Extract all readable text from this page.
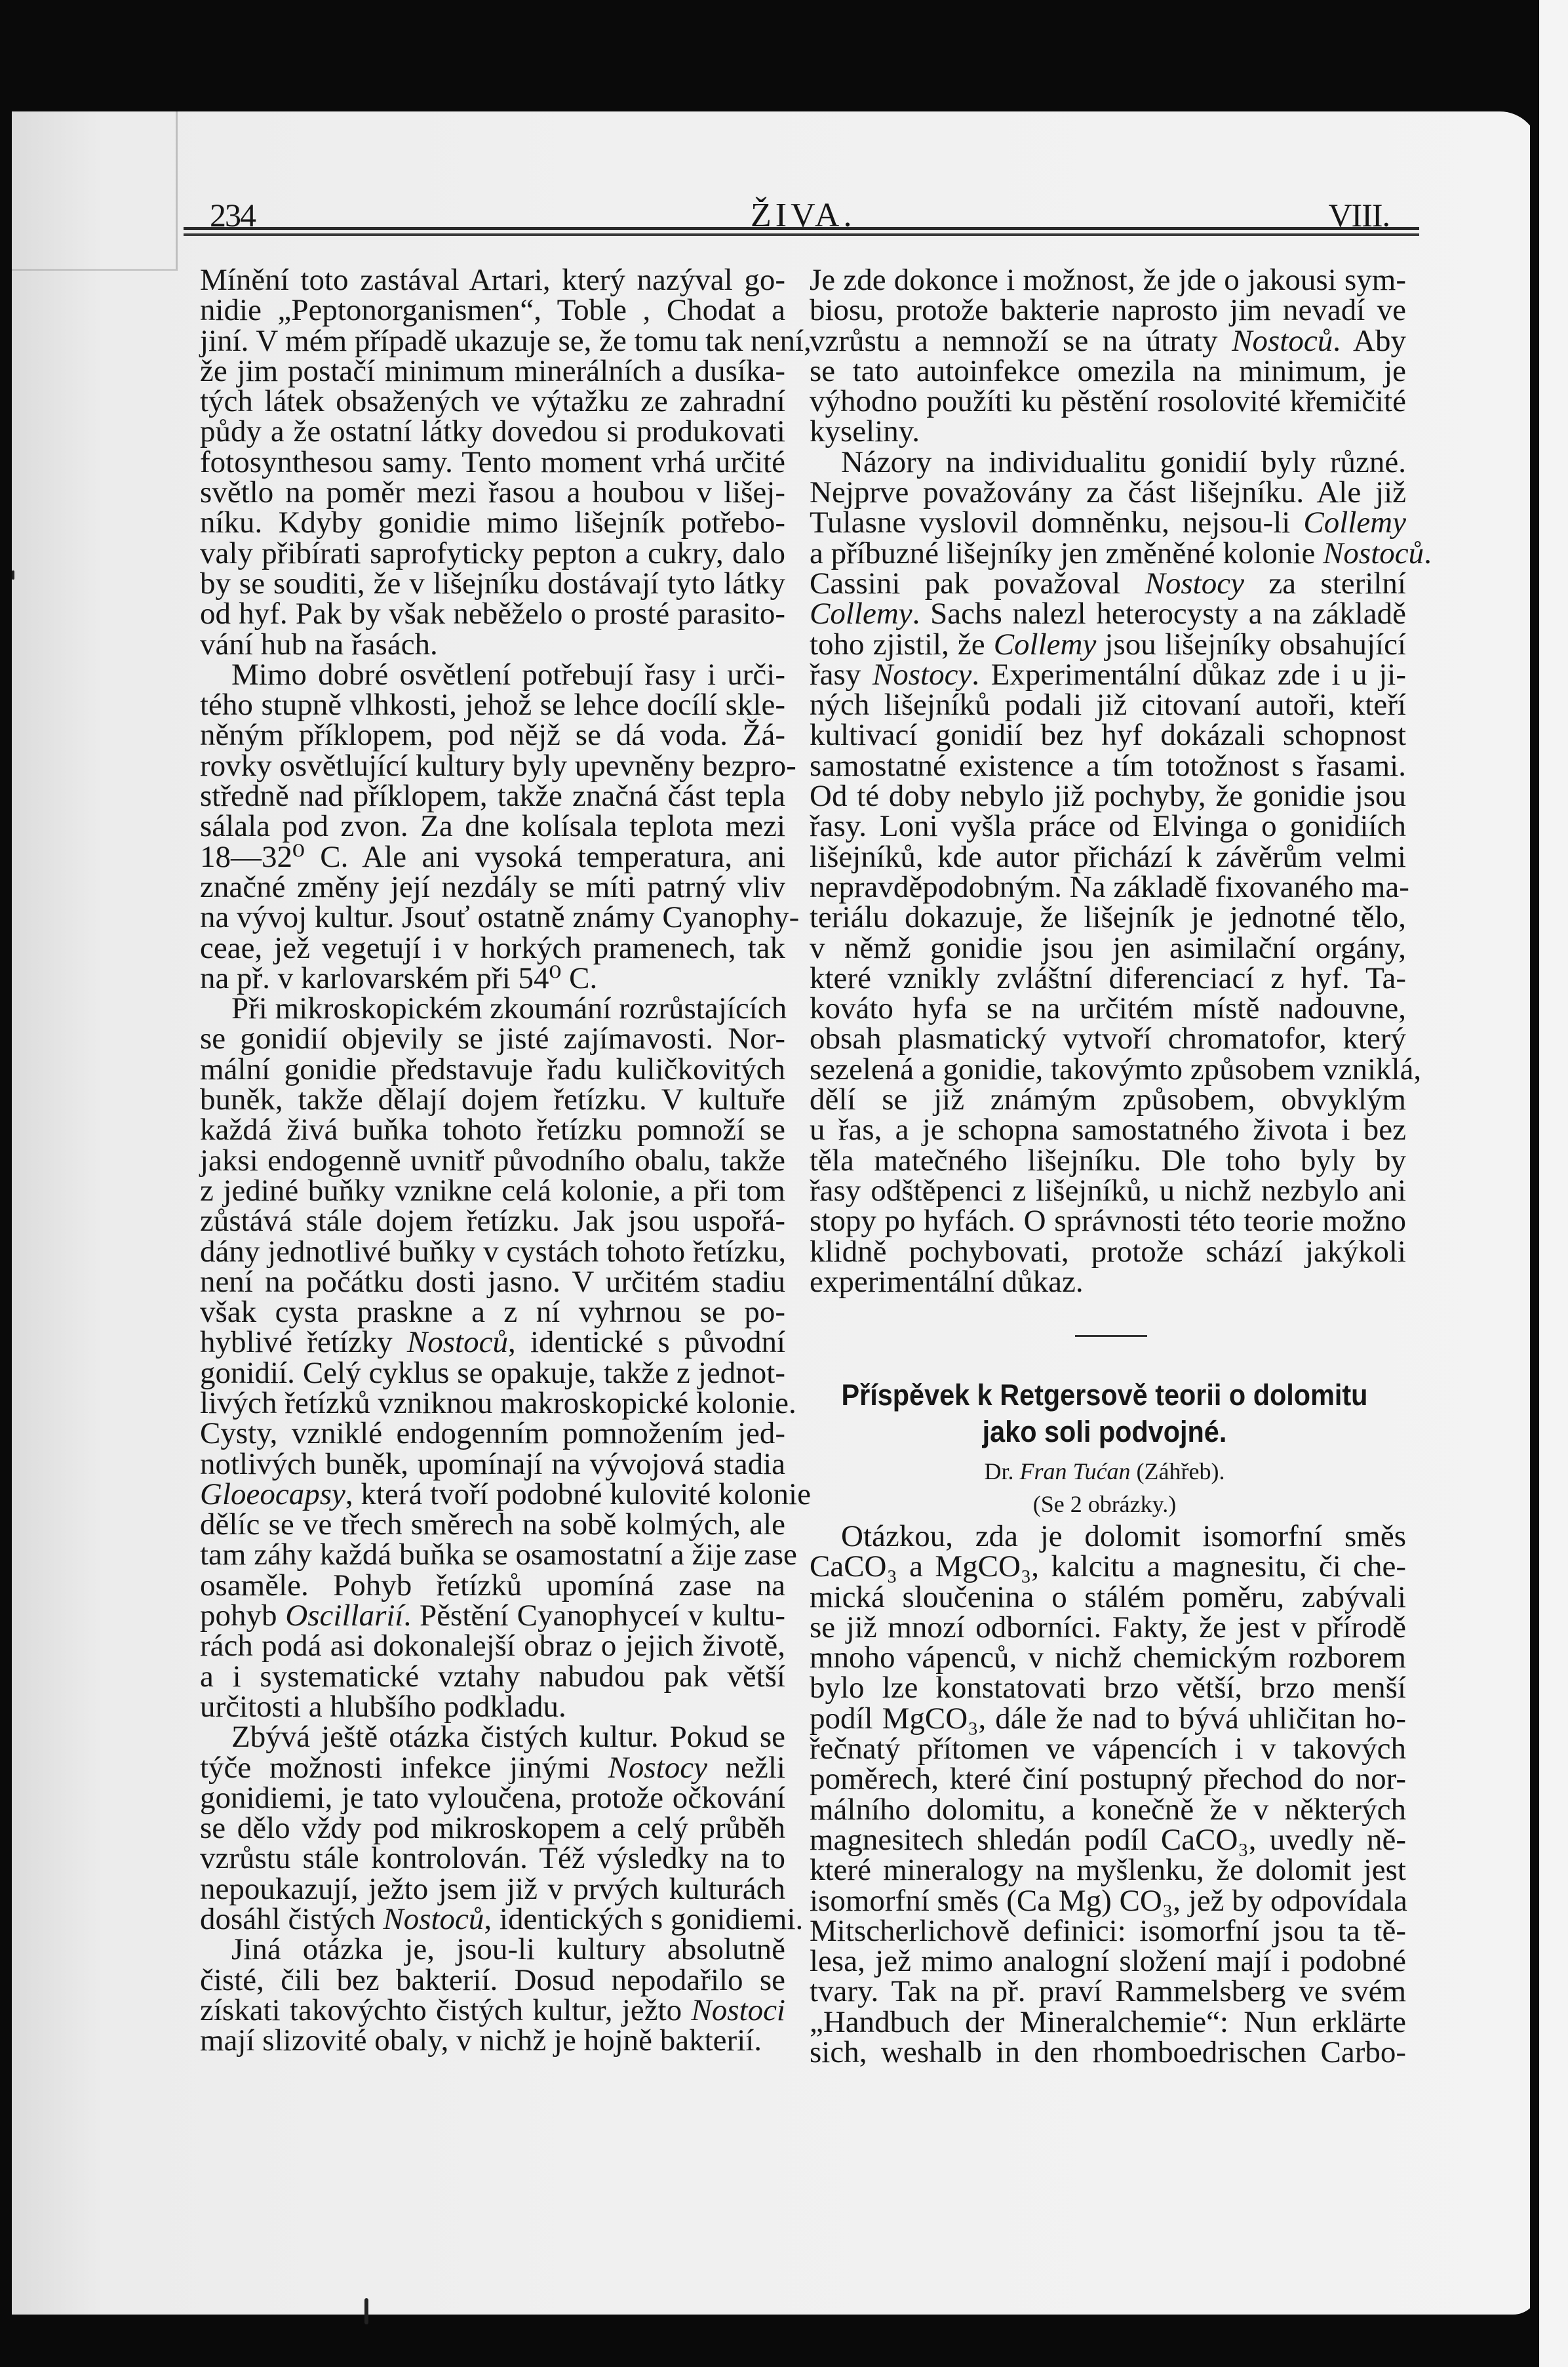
234	ŽIVA.	VIII.
Mínění toto zastával Artari, který nazýval go-
nidie „Peptonorganismen“, Toble , Chodat a
jiní. V mém případě ukazuje se, že tomu tak není,
že jim postačí minimum minerálních a dusíka-
tých látek obsažených ve výtažku ze zahradní
půdy a že ostatní látky dovedou si produkovati
fotosynthesou samy. Tento moment vrhá určité
světlo na poměr mezi řasou a houbou v lišej-
níku. Kdyby gonidie mimo lišejník potřebo-
valy přibírati saprofyticky pepton a cukry, dalo
by se souditi, že v lišejníku dostávají tyto látky
od hyf. Pak by však neběželo o prosté parasito-
vání hub na řasách.
Mimo dobré osvětlení potřebují řasy i urči-
tého stupně vlhkosti, jehož se lehce docílí skle-
něným příklopem, pod nějž se dá voda. Žá-
rovky osvětlující kultury byly upevněny bezpro-
středně nad příklopem, takže značná část tepla
sálala pod zvon. Za dne kolísala teplota mezi
18—32⁰ C. Ale ani vysoká temperatura, ani
značné změny její nezdály se míti patrný vliv
na vývoj kultur. Jsouť ostatně známy Cyanophy-
ceae, jež vegetují i v horkých pramenech, tak
na př. v karlovarském při 54⁰ C.
Při mikroskopickém zkoumání rozrůstajících
se gonidií objevily se jisté zajímavosti. Nor-
mální gonidie představuje řadu kuličkovitých
buněk, takže dělají dojem řetízku. V kultuře
každá živá buňka tohoto řetízku pomnoží se
jaksi endogenně uvnitř původního obalu, takže
z jediné buňky vznikne celá kolonie, a při tom
zůstává stále dojem řetízku. Jak jsou uspořá-
dány jednotlivé buňky v cystách tohoto řetízku,
není na počátku dosti jasno. V určitém stadiu
však cysta praskne a z ní vyhrnou se po-
hyblivé řetízky Nostoců, identické s původní
gonidií. Celý cyklus se opakuje, takže z jednot-
livých řetízků vzniknou makroskopické kolonie.
Cysty, vzniklé endogenním pomnožením jed-
notlivých buněk, upomínají na vývojová stadia
Gloeocapsy, která tvoří podobné kulovité kolonie
dělíc se ve třech směrech na sobě kolmých, ale
tam záhy každá buňka se osamostatní a žije zase
osaměle. Pohyb řetízků upomíná zase na
pohyb Oscillarií. Pěstění Cyanophyceí v kultu-
rách podá asi dokonalejší obraz o jejich životě,
a i systematické vztahy nabudou pak větší
určitosti a hlubšího podkladu.
Zbývá ještě otázka čistých kultur. Pokud se
týče možnosti infekce jinými Nostocy nežli
gonidiemi, je tato vyloučena, protože očkování
se dělo vždy pod mikroskopem a celý průběh
vzrůstu stále kontrolován. Též výsledky na to
nepoukazují, ježto jsem již v prvých kulturách
dosáhl čistých Nostoců, identických s gonidiemi.
Jiná otázka je, jsou-li kultury absolutně
čisté, čili bez bakterií. Dosud nepodařilo se
získati takovýchto čistých kultur, ježto Nostoci
mají slizovité obaly, v nichž je hojně bakterií.
Je zde dokonce i možnost, že jde o jakousi sym-
biosu, protože bakterie naprosto jim nevadí ve
vzrůstu a nemnoží se na útraty Nostoců. Aby
se tato autoinfekce omezila na minimum, je
výhodno použíti ku pěstění rosolovité křemičité
kyseliny.
Názory na individualitu gonidií byly různé.
Nejprve považovány za část lišejníku. Ale již
Tulasne vyslovil domněnku, nejsou-li Collemy
a příbuzné lišejníky jen změněné kolonie Nostoců
Cassini pak považoval Nostocy za sterilní
Collemy. Sachs nalezl heterocysty a na základě
toho zjistil, že Collemy jsou lišejníky obsahující
řasy Nostocy. Experimentální důkaz zde i u ji-
ných lišejníků podali již citovaní autoři, kteří
kultivací gonidií bez hyf dokázali schopnost
samostatné existence a tím totožnost s řasami.
Od té doby nebylo již pochyby, že gonidie jsou
řasy. Loni vyšla práce od Elvinga o gonidiích
lišejníků, kde autor přichází k závěrům velmi
nepravděpodobným. Na základě fixovaného ma-
teriálu dokazuje, že lišejník je jednotné tělo,
v němž gonidie jsou jen asimilační orgány,
které vznikly zvláštní diferenciací z hyf. Ta-
kováto hyfa se na určitém místě nadouvne,
obsah plasmatický vytvoří chromatofor, který
sezelená a gonidie, takovýmto způsobem vzniklá,
dělí se již známým způsobem, obvyklým
u řas, a je schopna samostatného života i bez
těla matečného lišejníku. Dle toho byly by
řasy odštěpenci z lišejníků, u nichž nezbylo ani
stopy po hyfách. O správnosti této teorie možno
klidně pochybovati, protože schází jakýkoli
experimentální důkaz.
Příspěvek k Retgersově teorii o dolomitu
jako soli podvojné.
Dr. Fran Tućan (Záhřeb).
(Se 2 obrázky.)
Otázkou, zda je dolomit isomorfní směs
CaCO₃ a MgCO₃, kalcitu a magnesitu, či che-
mická sloučenina o stálém poměru, zabývali
se již mnozí odborníci. Fakty, že jest v přírodě
mnoho vápenců, v nichž chemickým rozborem
bylo lze konstatovati brzo větší, brzo menší
podíl MgCO₃, dále že nad to bývá uhličitan ho-
řečnatý přítomen ve vápencích i v takových
poměrech, které činí postupný přechod do nor-
málního dolomitu, a konečně že v některých
magnesitech shledán podíl CaCO₃, uvedly ně-
které mineralogy na myšlenku, že dolomit jest
isomorfní směs (Ca Mg) CO₃, jež by odpovídala
Mitscherlichově definici: isomorfní jsou ta tě-
lesa, jež mimo analogní složení mají i podobné
tvary. Tak na př. praví Rammelsberg ve svém
„Handbuch der Mineralchemie“: Nun erklärte
sich, weshalb in den rhomboedrischen Carbo-
